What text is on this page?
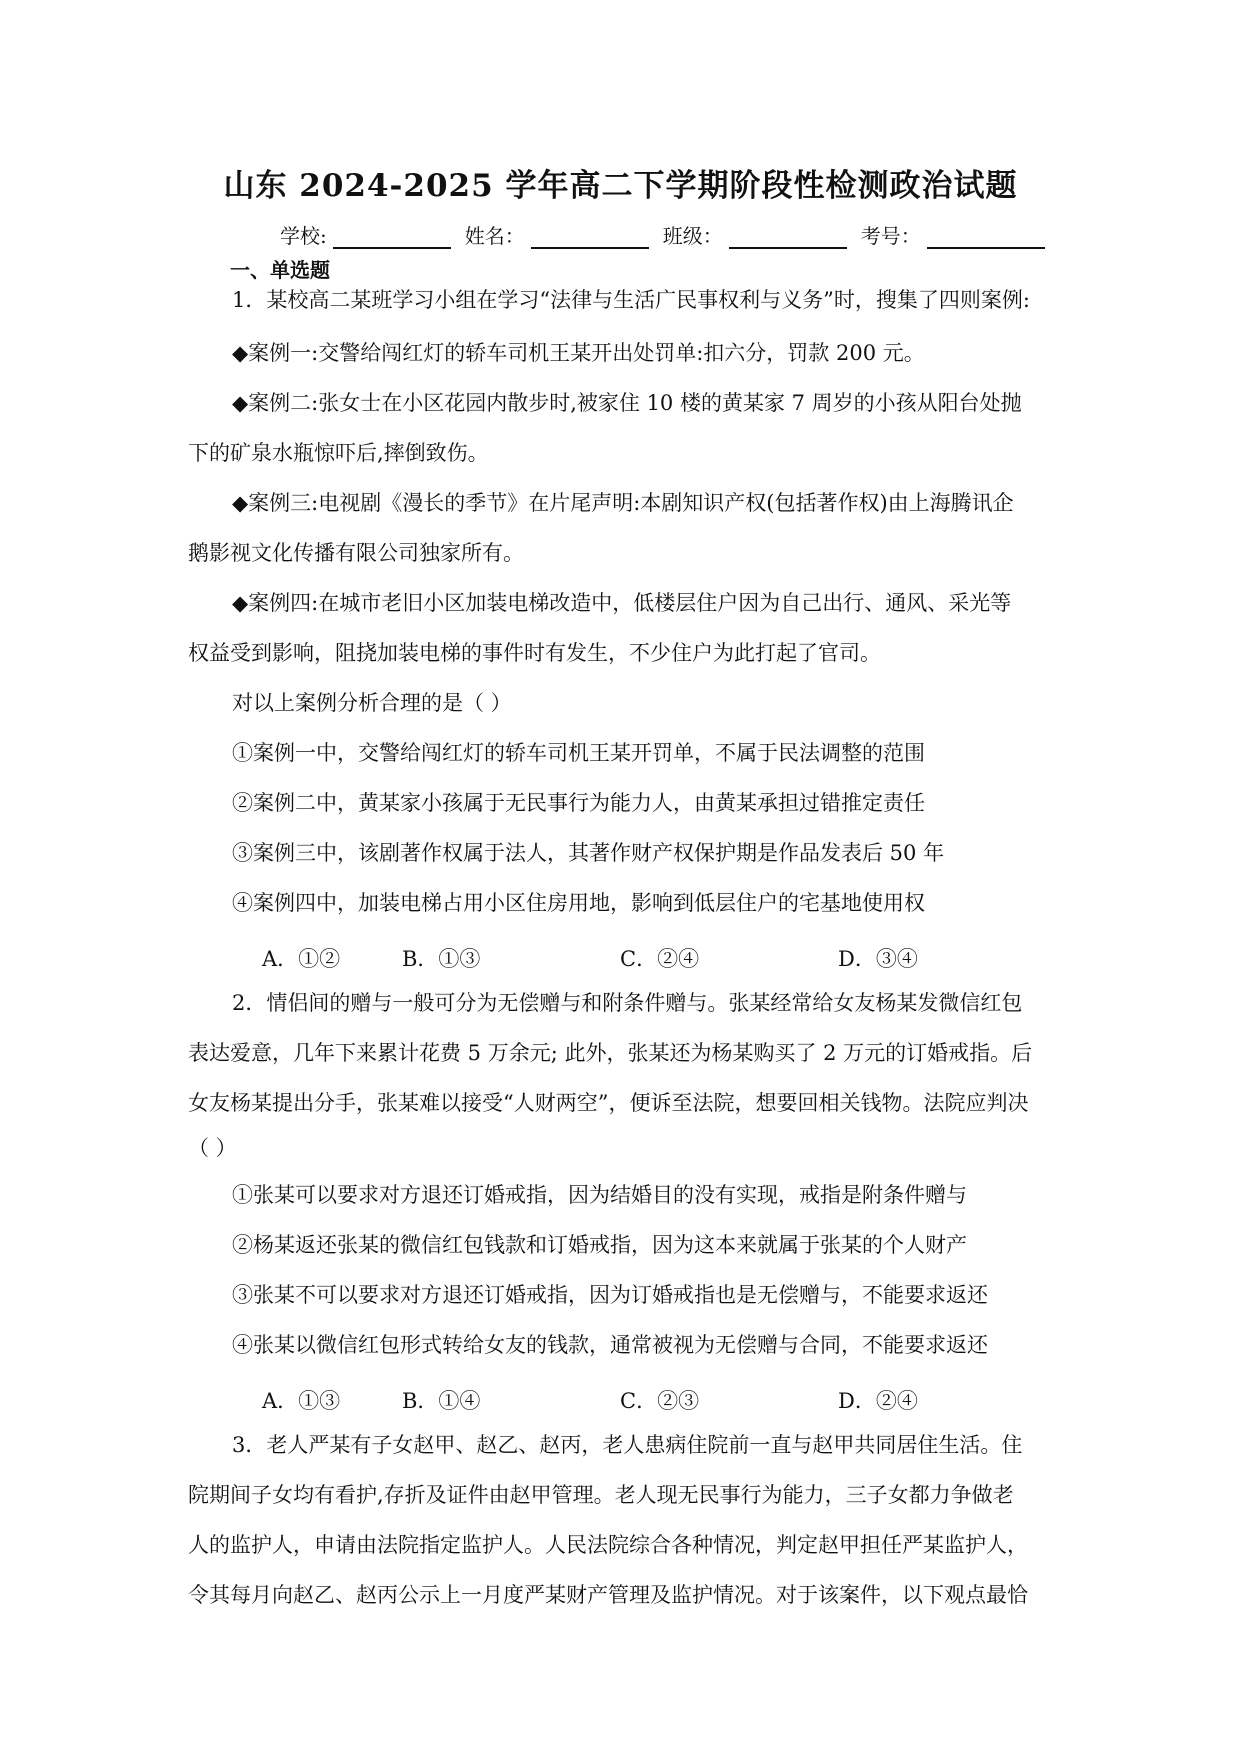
山东 2024-2025 学年高二下学期阶段性检测政治试题
学校:	姓名：	班级：	考号：
一、单选题
1．某校高二某班学习小组在学习“法律与生活广民事权利与义务”时，搜集了四则案例:
◆案例一:交警给闯红灯的轿车司机王某开出处罚单:扣六分，罚款 200 元。
◆案例二:张女士在小区花园内散步时,被家住 10 楼的黄某家 7 周岁的小孩从阳台处抛
下的矿泉水瓶惊吓后,摔倒致伤。
◆案例三:电视剧《漫长的季节》在片尾声明:本剧知识产权(包括著作权)由上海腾讯企
鹅影视文化传播有限公司独家所有。
◆案例四:在城市老旧小区加装电梯改造中，低楼层住户因为自己出行、通风、采光等
权益受到影响，阻挠加装电梯的事件时有发生，不少住户为此打起了官司。
对以上案例分析合理的是（ ）
①案例一中，交警给闯红灯的轿车司机王某开罚单，不属于民法调整的范围
②案例二中，黄某家小孩属于无民事行为能力人，由黄某承担过错推定责任
③案例三中，该剧著作权属于法人，其著作财产权保护期是作品发表后 50 年
④案例四中，加装电梯占用小区住房用地，影响到低层住户的宅基地使用权
A．①②	B．①③	C．②④	D．③④
2．情侣间的赠与一般可分为无偿赠与和附条件赠与。张某经常给女友杨某发微信红包
表达爱意，几年下来累计花费 5 万余元; 此外，张某还为杨某购买了 2 万元的订婚戒指。后
女友杨某提出分手，张某难以接受“人财两空”，便诉至法院，想要回相关钱物。法院应判决
（ ）
①张某可以要求对方退还订婚戒指，因为结婚目的没有实现，戒指是附条件赠与
②杨某返还张某的微信红包钱款和订婚戒指，因为这本来就属于张某的个人财产
③张某不可以要求对方退还订婚戒指，因为订婚戒指也是无偿赠与，不能要求返还
④张某以微信红包形式转给女友的钱款，通常被视为无偿赠与合同，不能要求返还
A．①③	B．①④	C．②③	D．②④
3．老人严某有子女赵甲、赵乙、赵丙，老人患病住院前一直与赵甲共同居住生活。住
院期间子女均有看护,存折及证件由赵甲管理。老人现无民事行为能力，三子女都力争做老
人的监护人，申请由法院指定监护人。人民法院综合各种情况，判定赵甲担任严某监护人，
令其每月向赵乙、赵丙公示上一月度严某财产管理及监护情况。对于该案件，以下观点最恰
